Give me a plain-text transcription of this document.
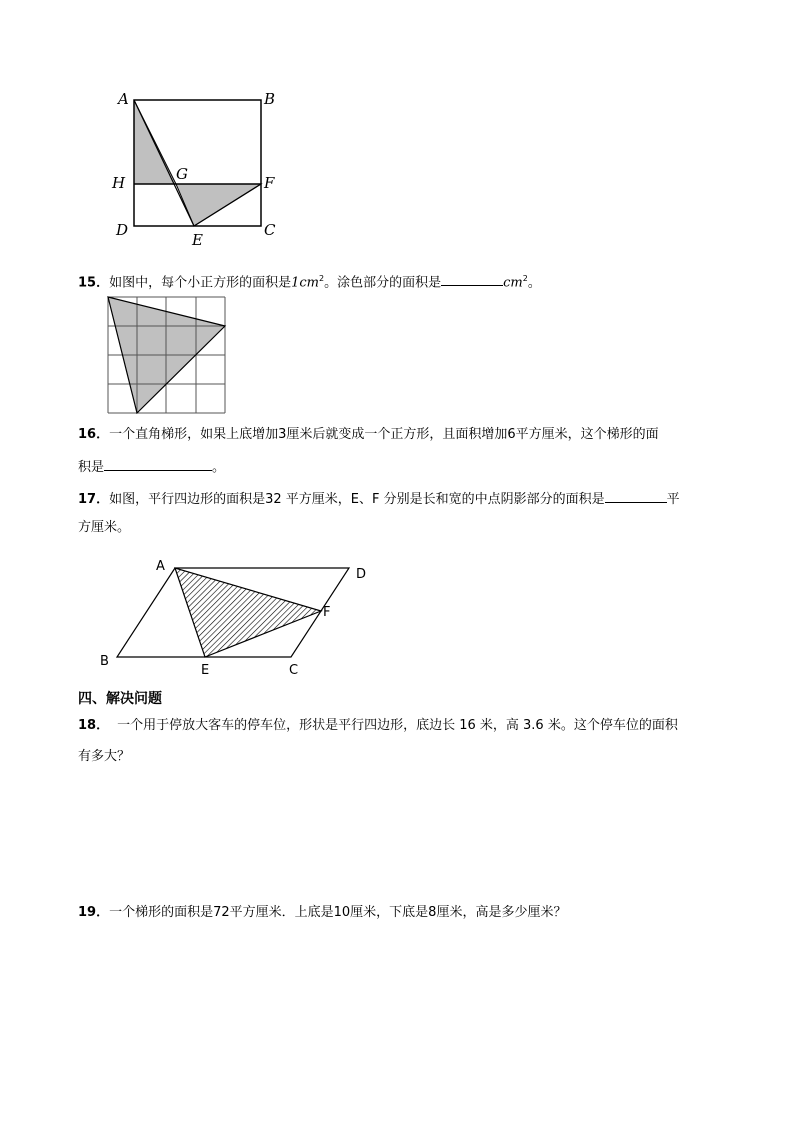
A	B
H	G	F
D
E
C
15．如图中，每个小正方形的面积是$1cm^2$。涂色部分的面积是	$cm^2$。
16．一个直角梯形，如果上底增加3厘米后就变成一个正方形，且面积增加6平方厘米，这个梯形的面
积是	。
17．如图，平行四边形的面积是32 平方厘米，E、F 分别是长和宽的中点阴影部分的面积是	平
方厘米。
A
D
F
B
E	C
四、解决问题
18． 一个用于停放大客车的停车位，形状是平行四边形，底边长 16 米，高 3.6 米。这个停车位的面积
有多大？
19．一个梯形的面积是72平方厘米．上底是10厘米，下底是8厘米，高是多少厘米？
